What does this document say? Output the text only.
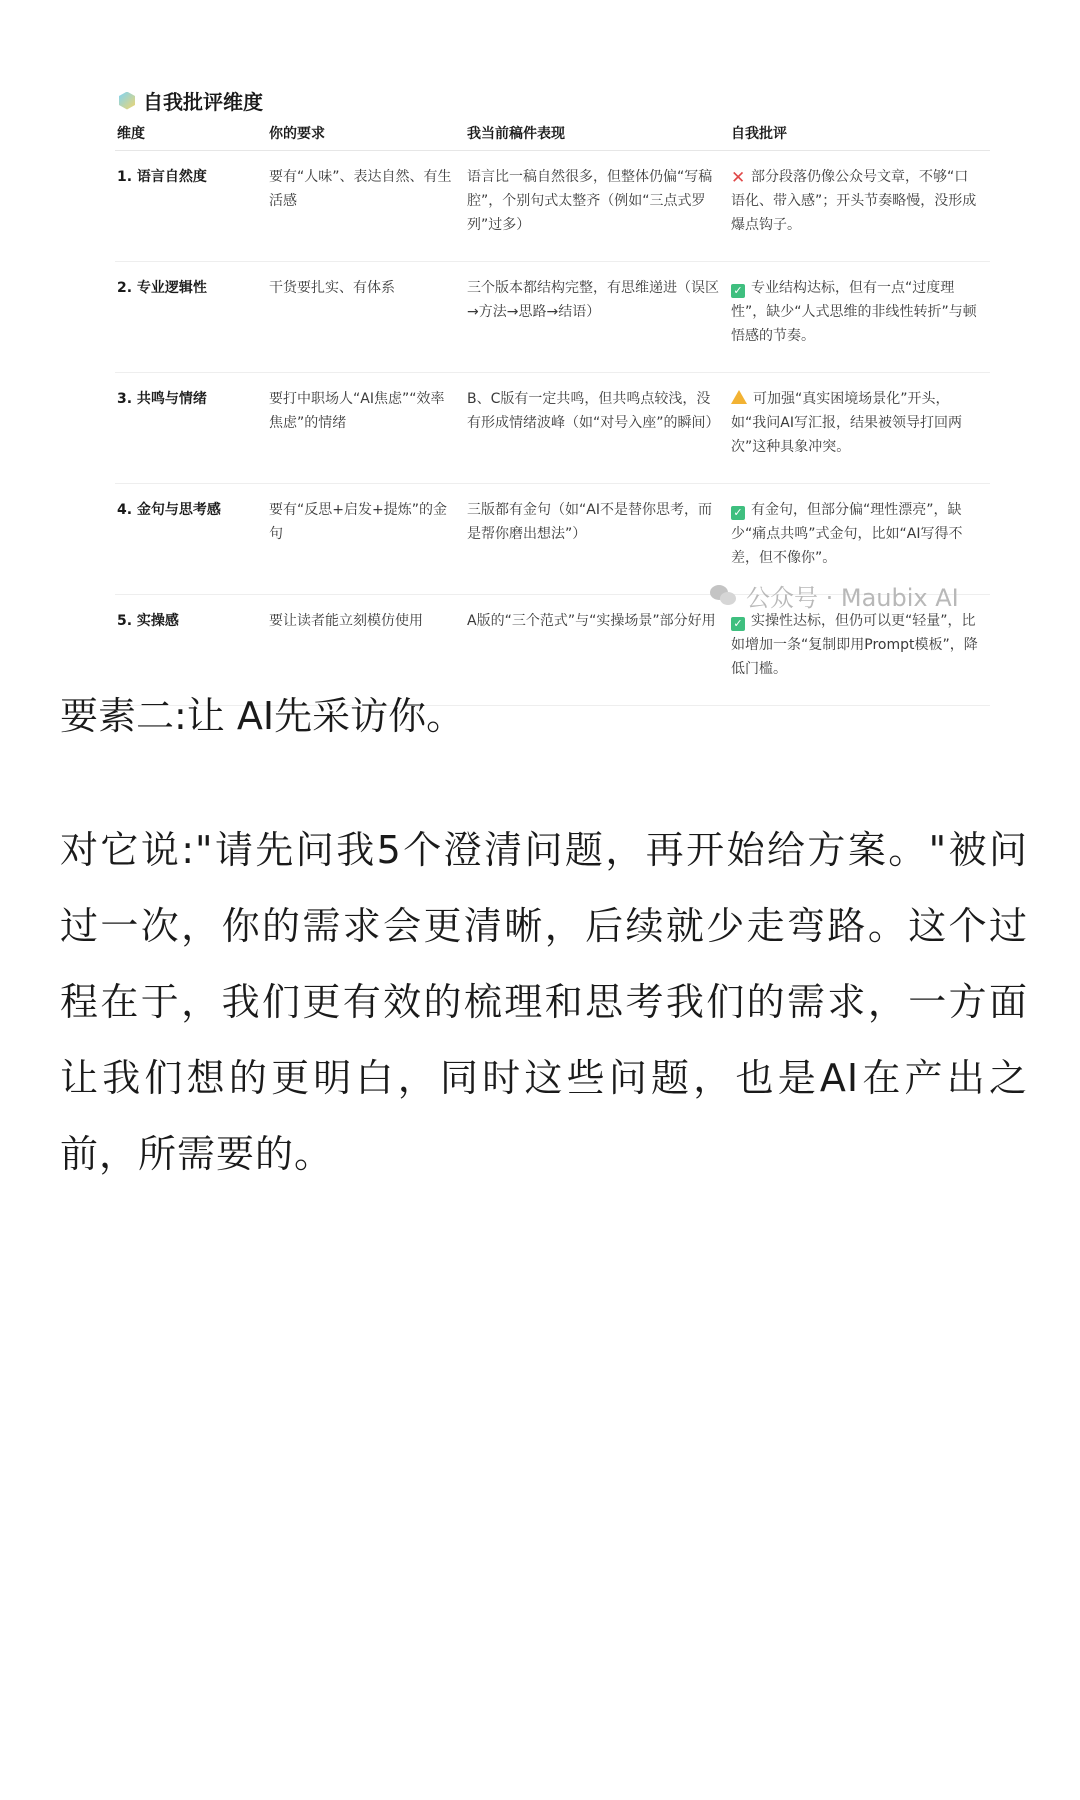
自我批评维度
维度	你的要求	我当前稿件表现	自我批评
1. 语言自然度	要有“人味”、表达自然、有生活感	语言比一稿自然很多，但整体仍偏“写稿腔”，个别句式太整齐（例如“三点式罗列”过多）	✕ 部分段落仍像公众号文章，不够“口语化、带入感”；开头节奏略慢，没形成爆点钩子。
2. 专业逻辑性	干货要扎实、有体系	三个版本都结构完整，有思维递进（误区→方法→思路→结语）	✓ 专业结构达标，但有一点“过度理性”，缺少“人式思维的非线性转折”与顿悟感的节奏。
3. 共鸣与情绪	要打中职场人“AI焦虑”“效率焦虑”的情绪	B、C版有一定共鸣，但共鸣点较浅，没有形成情绪波峰（如“对号入座”的瞬间）	可加强“真实困境场景化”开头，如“我问AI写汇报，结果被领导打回两次”这种具象冲突。
4. 金句与思考感	要有“反思+启发+提炼”的金句	三版都有金句（如“AI不是替你思考，而是帮你磨出想法”）	✓ 有金句，但部分偏“理性漂亮”，缺少“痛点共鸣”式金句，比如“AI写得不差，但不像你”。
5. 实操感	要让读者能立刻模仿使用	A版的“三个范式”与“实操场景”部分好用	✓ 实操性达标，但仍可以更“轻量”，比如增加一条“复制即用Prompt模板”，降低门槛。
公众号 · Maubix AI
要素二:让 AI先采访你。

对它说:"请先问我5个澄清问题，再开始给方案。"被问过一次，你的需求会更清晰，后续就少走弯路。这个过程在于，我们更有效的梳理和思考我们的需求，一方面让我们想的更明白，同时这些问题，也是AI在产出之前，所需要的。
